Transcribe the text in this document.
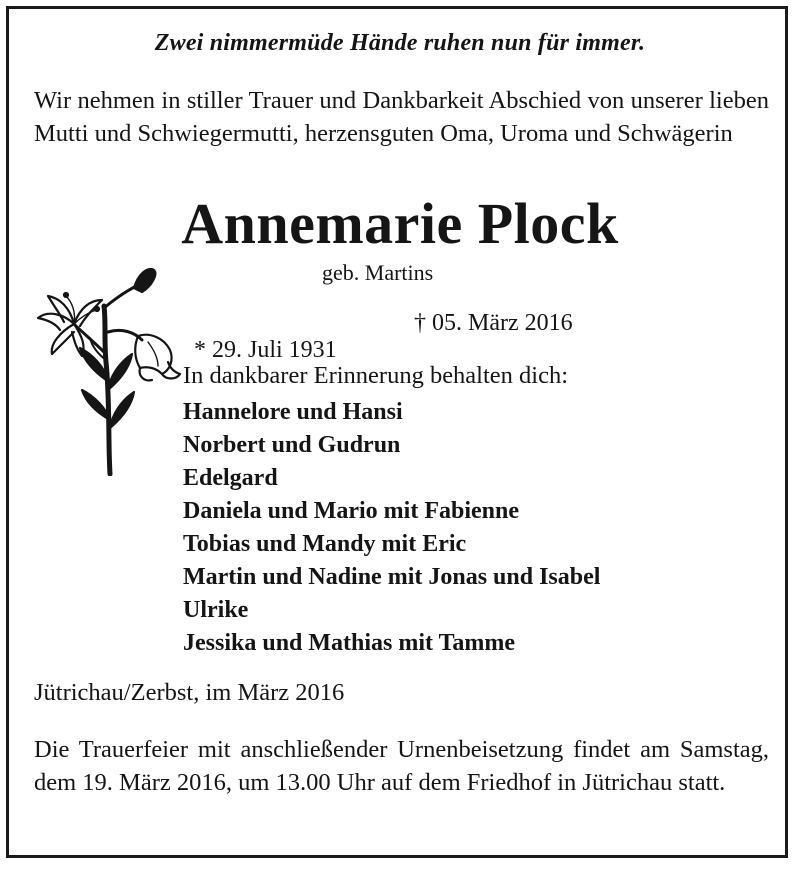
Zwei nimmermüde Hände ruhen nun für immer.
Wir nehmen in stiller Trauer und Dankbarkeit Abschied von unserer lieben Mutti und Schwiegermutti, herzensguten Oma, Uroma und Schwägerin
Annemarie Plock
geb. Martins

* 29. Juli 1931

† 05. März 2016

In dankbarer Erinnerung behalten dich:
Hannelore und Hansi
Norbert und Gudrun
Edelgard
Daniela und Mario mit Fabienne
Tobias und Mandy mit Eric
Martin und Nadine mit Jonas und Isabel
Ulrike
Jessika und Mathias mit Tamme
Jütrichau/Zerbst, im März 2016
Die Trauerfeier mit anschließender Urnenbeisetzung findet am Samstag, dem 19. März 2016, um 13.00 Uhr auf dem Friedhof in Jütrichau statt.
